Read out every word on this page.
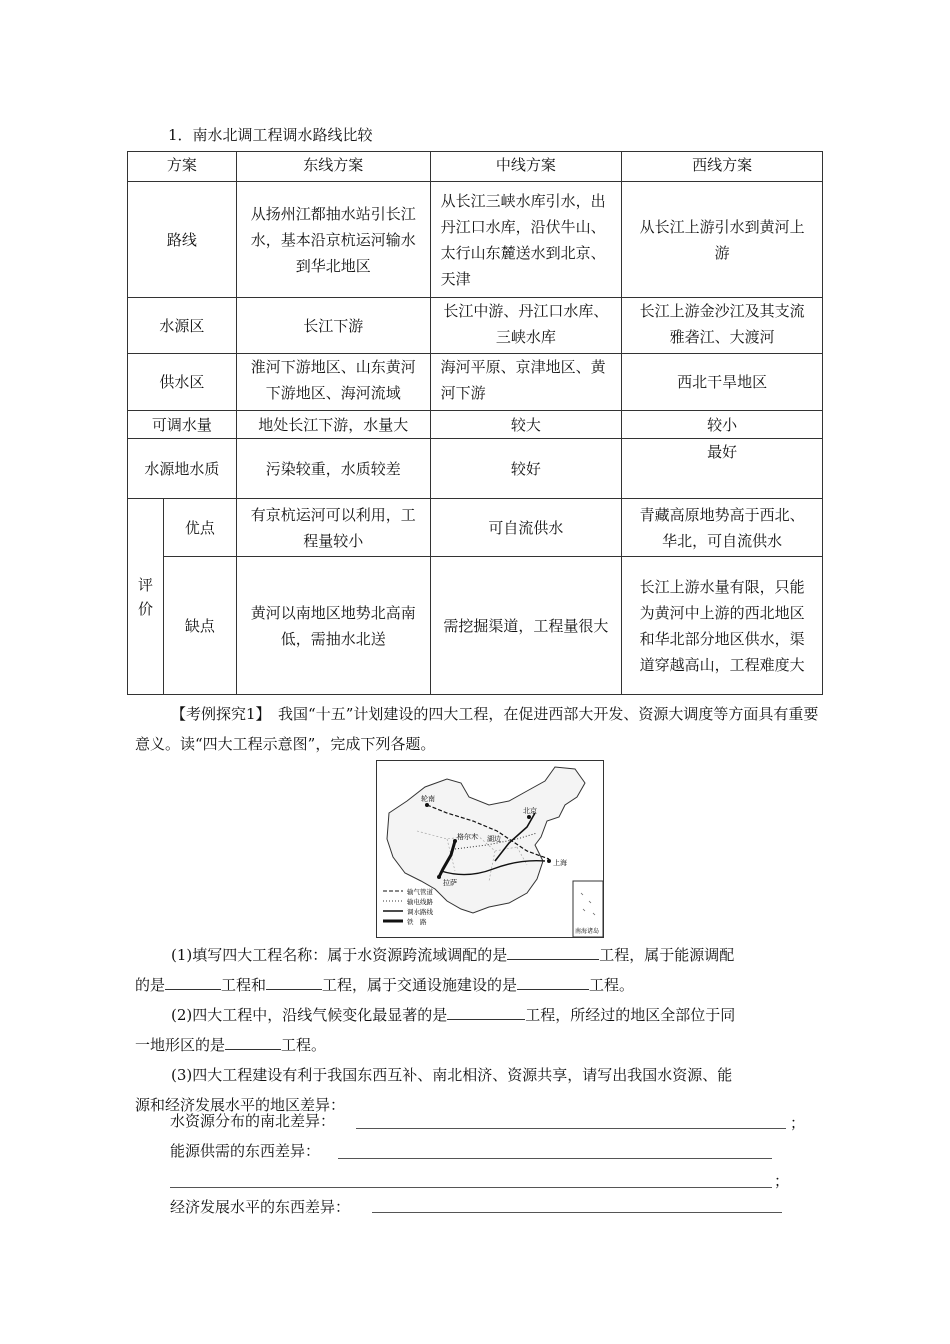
1．南水北调工程调水路线比较
方案		东线方案	中线方案	西线方案
路线		从扬州江都抽水站引长江水，基本沿京杭运河输水到华北地区	从长江三峡水库引水，出丹江口水库，沿伏牛山、太行山东麓送水到北京、天津	从长江上游引水到黄河上游
水源区		长江下游	长江中游、丹江口水库、三峡水库	长江上游金沙江及其支流雅砻江、大渡河
供水区		淮河下游地区、山东黄河下游地区、海河流域	海河平原、京津地区、黄河下游	西北干旱地区
可调水量		地处长江下游，水量大	较大	较小
水源地水质		污染较重，水质较差	较好	最好
评价	优点	有京杭运河可以利用，工程量较小	可自流供水	青藏高原地势高于西北、华北，可自流供水
	缺点	黄河以南地区地势北高南低，需抽水北送	需挖掘渠道，工程量很大	长江上游水量有限，只能为黄河中上游的西北地区和华北部分地区供水，渠道穿越高山，工程难度大
【考例探究1】　我国“十五”计划建设的四大工程，在促进西部大开发、资源大调度等方面具有重要意义。读“四大工程示意图”，完成下列各题。
轮南
北京
格尔木 湖边
拉萨
上海
输气管道
输电线路
调水路线
铁　路
南海诸岛
(1)填写四大工程名称：属于水资源跨流域调配的是	工程，属于能源调配
的是	工程和	工程，属于交通设施建设的是	工程。
(2)四大工程中，沿线气候变化最显著的是	工程，所经过的地区全部位于同
一地形区的是	工程。
(3)四大工程建设有利于我国东西互补、南北相济、资源共享，请写出我国水资源、能
源和经济发展水平的地区差异：
水资源分布的南北差异：	；
能源供需的东西差异：
；
经济发展水平的东西差异：
